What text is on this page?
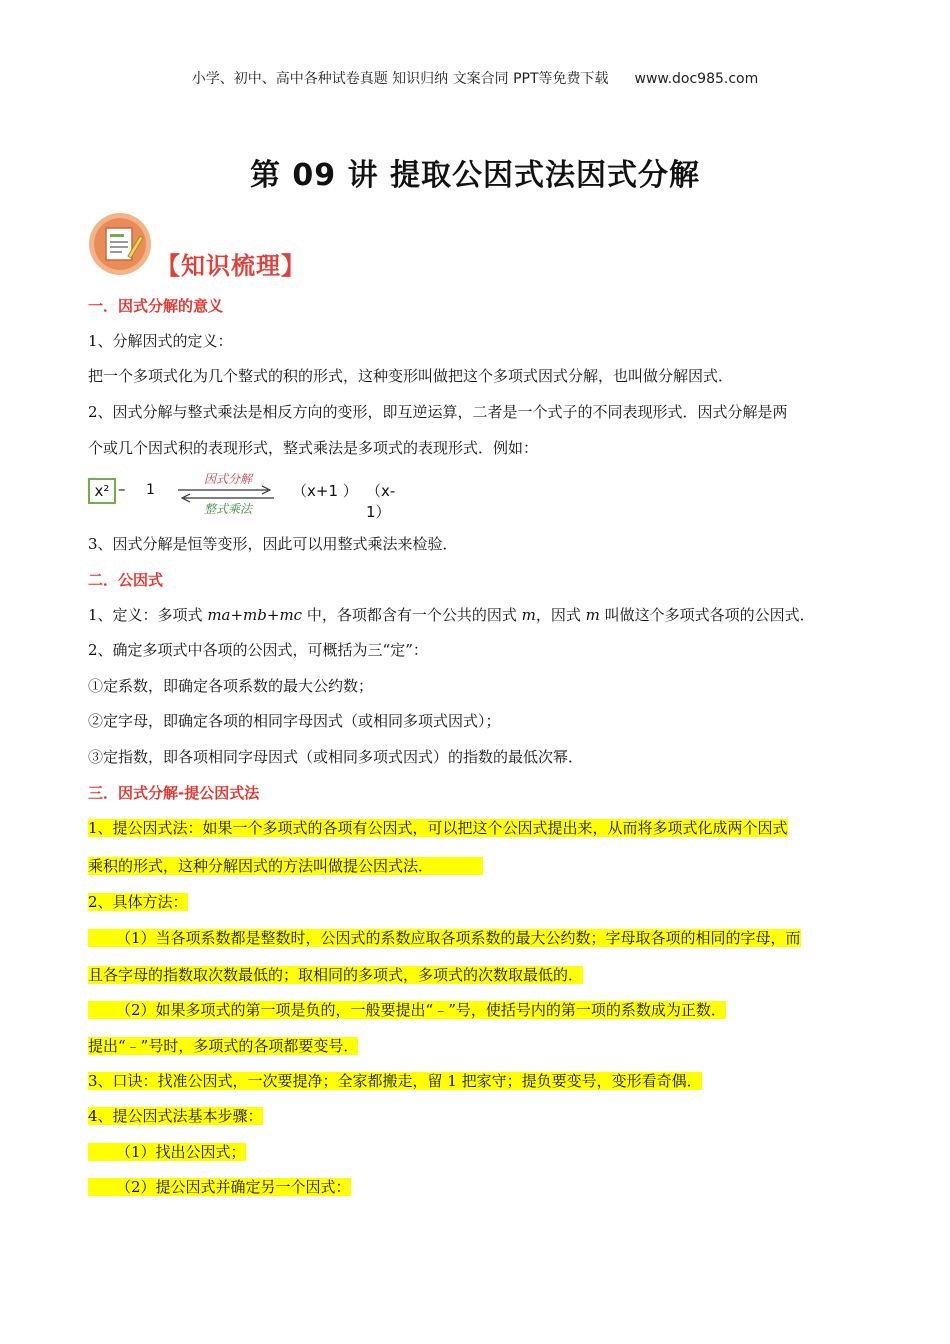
小学、初中、高中各种试卷真题 知识归纳 文案合同 PPT等免费下载 www.doc985.com
第 09 讲 提取公因式法因式分解
【知识梳理】
一．因式分解的意义
1、分解因式的定义：
把一个多项式化为几个整式的积的形式，这种变形叫做把这个多项式因式分解，也叫做分解因式．
2、因式分解与整式乘法是相反方向的变形，即互逆运算，二者是一个式子的不同表现形式．因式分解是两
个或几个因式积的表现形式，整式乘法是多项式的表现形式．例如：
x² – 1
因式分解
整式乘法
（x+1 ） （x-1）
3、因式分解是恒等变形，因此可以用整式乘法来检验．
二．公因式
1、定义：多项式 ma+mb+mc 中，各项都含有一个公共的因式 m，因式 m 叫做这个多项式各项的公因式．
2、确定多项式中各项的公因式，可概括为三“定”：
①定系数，即确定各项系数的最大公约数；
②定字母，即确定各项的相同字母因式（或相同多项式因式）；
③定指数，即各项相同字母因式（或相同多项式因式）的指数的最低次幂．
三．因式分解-提公因式法
1、提公因式法：如果一个多项式的各项有公因式，可以把这个公因式提出来，从而将多项式化成两个因式
乘积的形式，这种分解因式的方法叫做提公因式法．
2、具体方法：
（1）当各项系数都是整数时，公因式的系数应取各项系数的最大公约数；字母取各项的相同的字母，而
且各字母的指数取次数最低的；取相同的多项式，多项式的次数取最低的．
（2）如果多项式的第一项是负的，一般要提出“﹣”号，使括号内的第一项的系数成为正数．
提出“﹣”号时，多项式的各项都要变号．
3、口诀：找准公因式，一次要提净；全家都搬走，留 1 把家守；提负要变号，变形看奇偶．
4、提公因式法基本步骤：
（1）找出公因式；
（2）提公因式并确定另一个因式：
